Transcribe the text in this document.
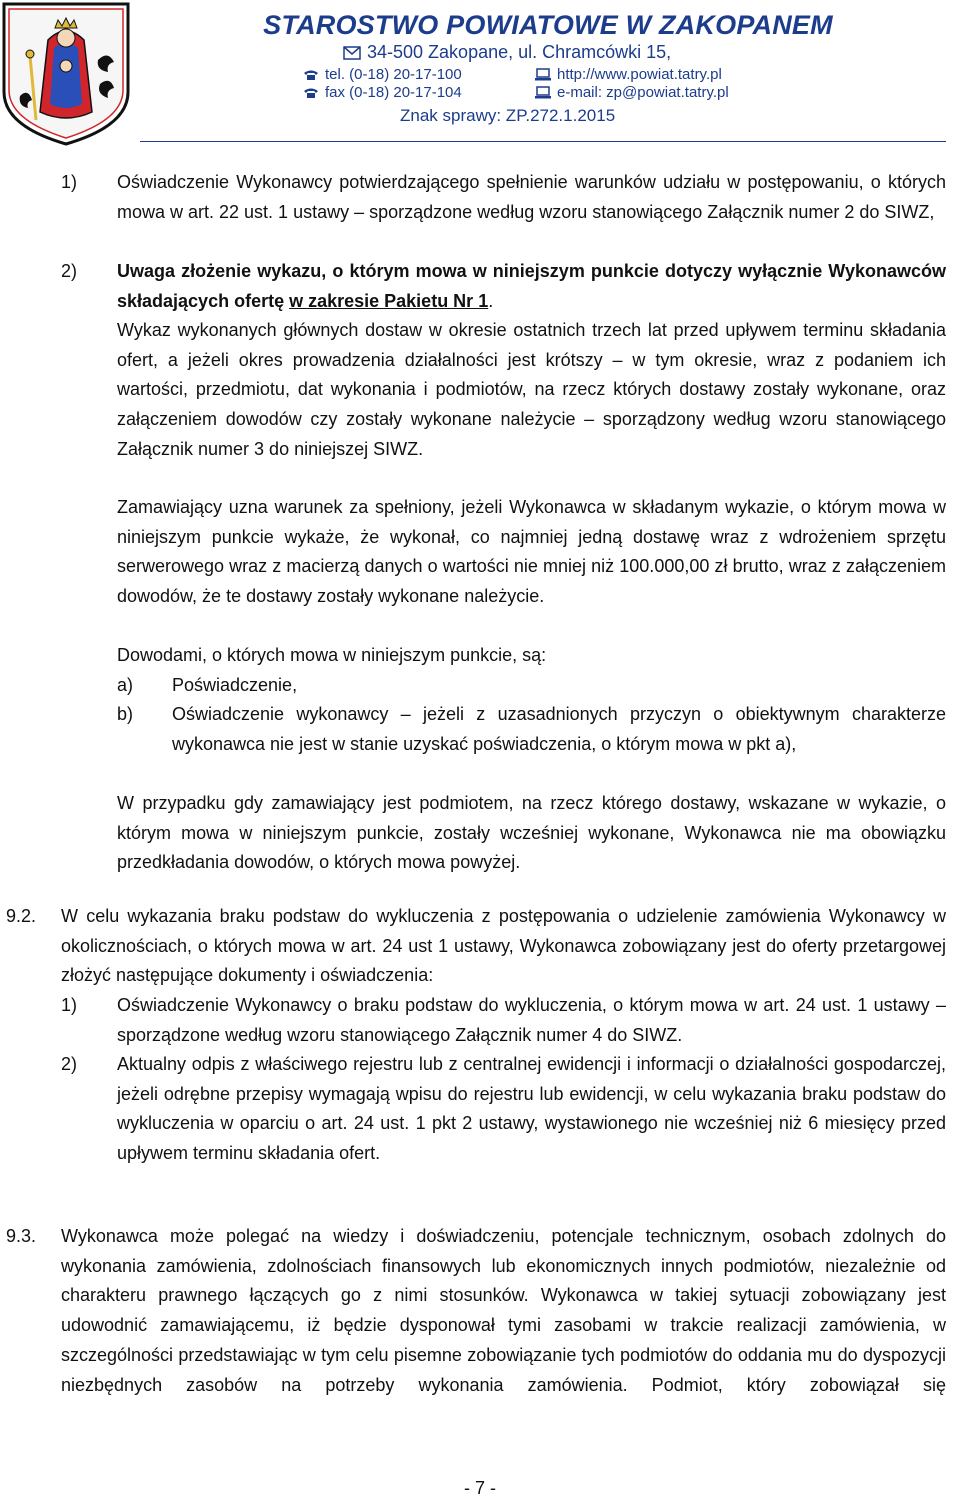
STAROSTWO POWIATOWE W ZAKOPANEM
34-500 Zakopane, ul. Chramcówki 15,
tel. (0-18) 20-17-100
fax (0-18) 20-17-104
http://www.powiat.tatry.pl
e-mail: zp@powiat.tatry.pl
Znak sprawy: ZP.272.1.2015
1) Oświadczenie Wykonawcy potwierdzającego spełnienie warunków udziału w postępowaniu, o których mowa w art. 22 ust. 1 ustawy – sporządzone według wzoru stanowiącego Załącznik numer 2 do SIWZ,
2) Uwaga złożenie wykazu, o którym mowa w niniejszym punkcie dotyczy wyłącznie Wykonawców składających ofertę w zakresie Pakietu Nr 1.
Wykaz wykonanych głównych dostaw w okresie ostatnich trzech lat przed upływem terminu składania ofert, a jeżeli okres prowadzenia działalności jest krótszy – w tym okresie, wraz z podaniem ich wartości, przedmiotu, dat wykonania i podmiotów, na rzecz których dostawy zostały wykonane, oraz załączeniem dowodów czy zostały wykonane należycie – sporządzony według wzoru stanowiącego Załącznik numer 3 do niniejszej SIWZ.
Zamawiający uzna warunek za spełniony, jeżeli Wykonawca w składanym wykazie, o którym mowa w niniejszym punkcie wykaże, że wykonał, co najmniej jedną dostawę wraz z wdrożeniem sprzętu serwerowego wraz z macierzą danych o wartości nie mniej niż 100.000,00 zł brutto, wraz z załączeniem dowodów, że te dostawy zostały wykonane należycie.
Dowodami, o których mowa w niniejszym punkcie, są:
a) Poświadczenie,
b) Oświadczenie wykonawcy – jeżeli z uzasadnionych przyczyn o obiektywnym charakterze wykonawca nie jest w stanie uzyskać poświadczenia, o którym mowa w pkt a),
W przypadku gdy zamawiający jest podmiotem, na rzecz którego dostawy, wskazane w wykazie, o którym mowa w niniejszym punkcie, zostały wcześniej wykonane, Wykonawca nie ma obowiązku przedkładania dowodów, o których mowa powyżej.
9.2. W celu wykazania braku podstaw do wykluczenia z postępowania o udzielenie zamówienia Wykonawcy w okolicznościach, o których mowa w art. 24 ust 1 ustawy, Wykonawca zobowiązany jest do oferty przetargowej złożyć następujące dokumenty i oświadczenia:
1) Oświadczenie Wykonawcy o braku podstaw do wykluczenia, o którym mowa w art. 24 ust. 1 ustawy – sporządzone według wzoru stanowiącego Załącznik numer 4 do SIWZ.
2) Aktualny odpis z właściwego rejestru lub z centralnej ewidencji i informacji o działalności gospodarczej, jeżeli odrębne przepisy wymagają wpisu do rejestru lub ewidencji, w celu wykazania braku podstaw do wykluczenia w oparciu o art. 24 ust. 1 pkt 2 ustawy, wystawionego nie wcześniej niż 6 miesięcy przed upływem terminu składania ofert.
9.3. Wykonawca może polegać na wiedzy i doświadczeniu, potencjale technicznym, osobach zdolnych do wykonania zamówienia, zdolnościach finansowych lub ekonomicznych innych podmiotów, niezależnie od charakteru prawnego łączących go z nimi stosunków. Wykonawca w takiej sytuacji zobowiązany jest udowodnić zamawiającemu, iż będzie dysponował tymi zasobami w trakcie realizacji zamówienia, w szczególności przedstawiając w tym celu pisemne zobowiązanie tych podmiotów do oddania mu do dyspozycji niezbędnych zasobów na potrzeby wykonania zamówienia. Podmiot, który zobowiązał się
- 7 -
